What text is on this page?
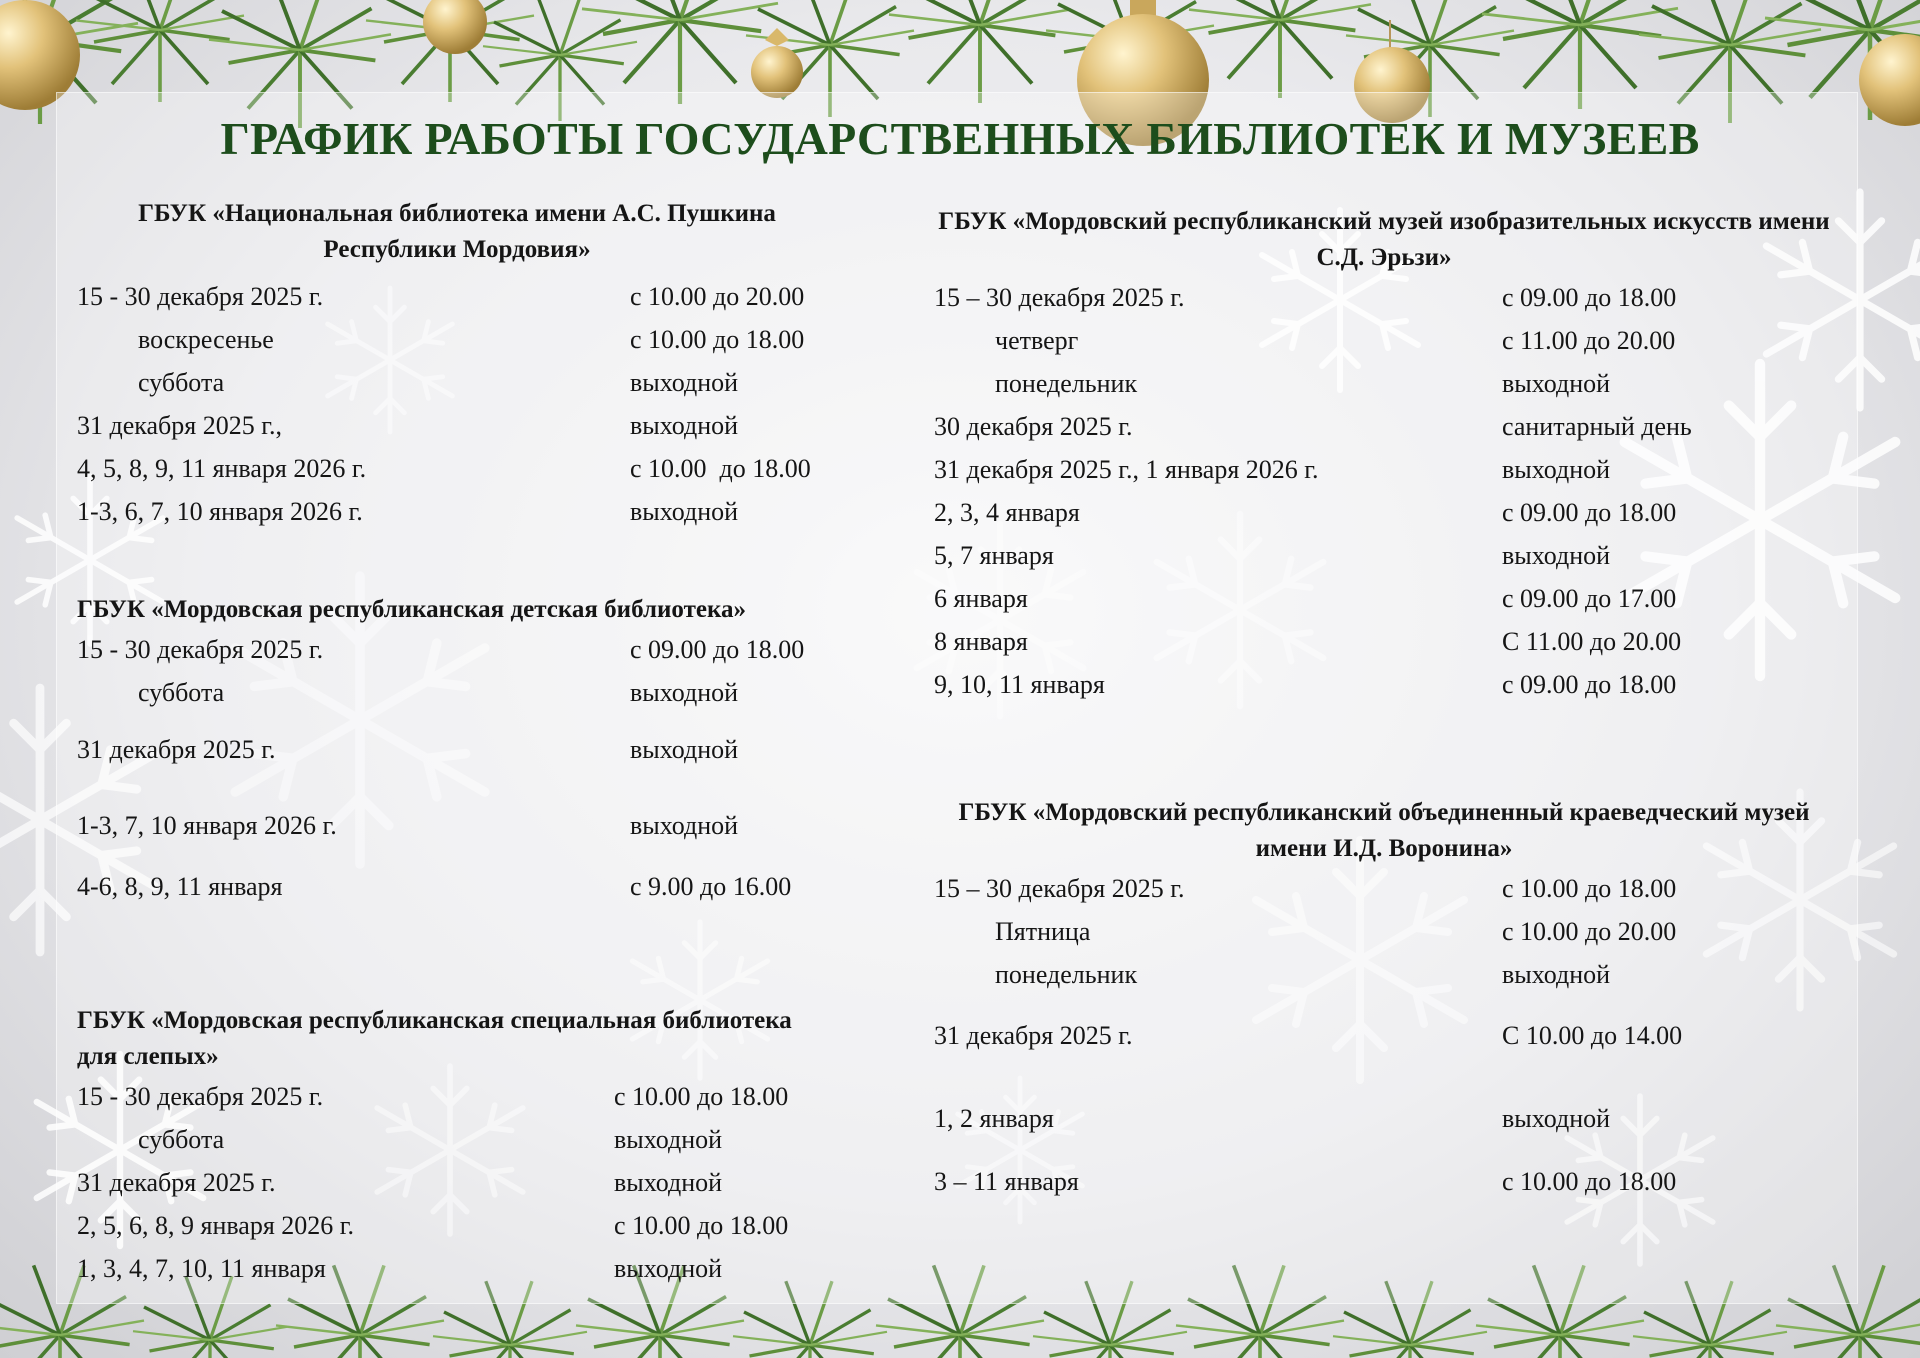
ГРАФИК РАБОТЫ ГОСУДАРСТВЕННЫХ БИБЛИОТЕК И МУЗЕЕВ
ГБУК «Национальная библиотека имени А.С. Пушкина Республики Мордовия»
15 - 30 декабря 2025 г.	с 10.00 до 20.00
воскресенье	с 10.00 до 18.00
суббота	выходной
31 декабря 2025 г.,	выходной
4, 5, 8, 9, 11 января 2026 г.	с 10.00  до 18.00
1-3, 6, 7, 10 января 2026 г.	выходной
ГБУК «Мордовская республиканская детская библиотека»
15 - 30 декабря 2025 г.	с 09.00 до 18.00
суббота	выходной
31 декабря 2025 г.	выходной
1-3, 7, 10 января 2026 г.	выходной
4-6, 8, 9, 11 января	с 9.00 до 16.00
ГБУК «Мордовская республиканская специальная библиотека
для слепых»
15 - 30 декабря 2025 г.	с 10.00 до 18.00
суббота	выходной
31 декабря 2025 г.	выходной
2, 5, 6, 8, 9 января 2026 г.	с 10.00 до 18.00
1, 3, 4, 7, 10, 11 января	выходной
ГБУК «Мордовский республиканский музей изобразительных искусств имени С.Д. Эрьзи»
15 – 30 декабря 2025 г.	с 09.00 до 18.00
четверг	с 11.00 до 20.00
понедельник	выходной
30 декабря 2025 г.	санитарный день
31 декабря 2025 г., 1 января 2026 г.	выходной
2, 3, 4 января	с 09.00 до 18.00
5, 7 января	выходной
6 января	с 09.00 до 17.00
8 января	С 11.00 до 20.00
9, 10, 11 января	с 09.00 до 18.00
ГБУК «Мордовский республиканский объединенный краеведческий музей имени И.Д. Воронина»
15 – 30 декабря 2025 г.	с 10.00 до 18.00
Пятница	с 10.00 до 20.00
понедельник	выходной
31 декабря 2025 г.	С 10.00 до 14.00
1, 2 января	выходной
3 – 11 января	с 10.00 до 18.00
